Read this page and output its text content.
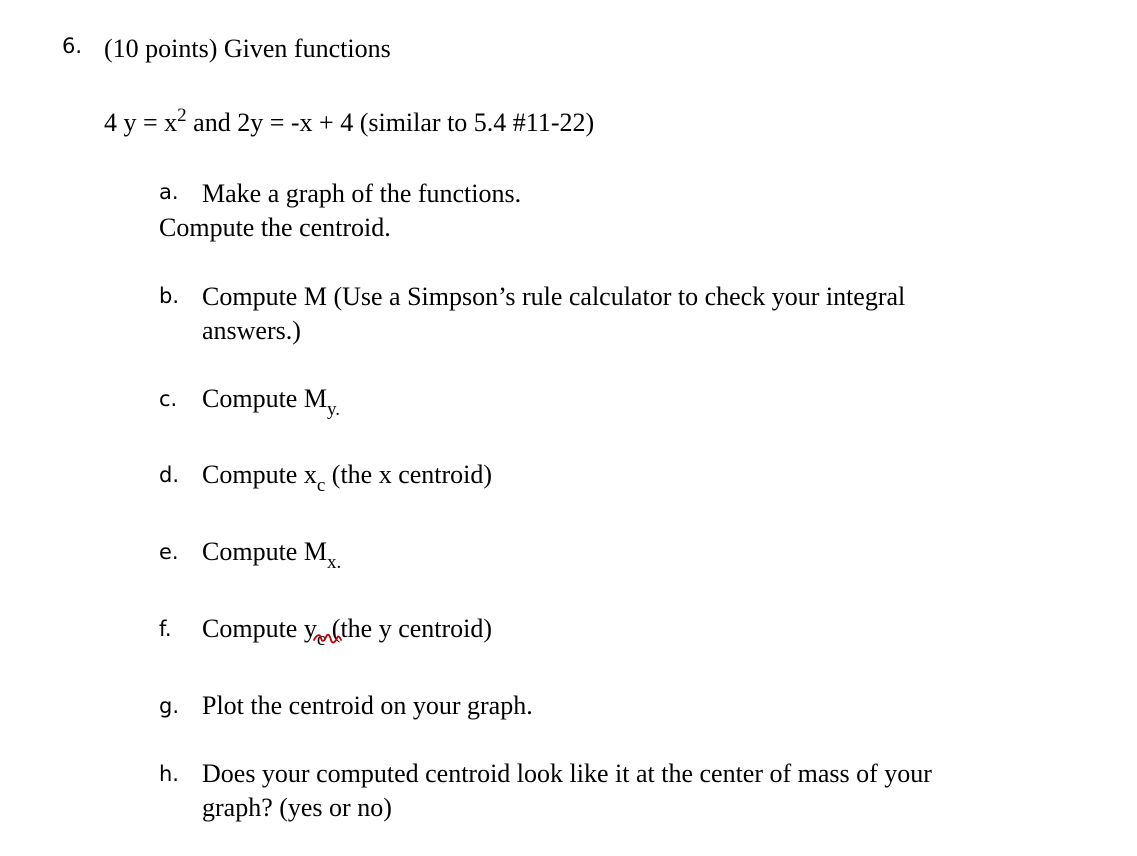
6. (10 points) Given functions
4 $y = x^2$ and 2y = -x + 4 (similar to 5.4 #11-22)
a. Make a graph of the functions.
Compute the centroid.
b. Compute M (Use a Simpson’s rule calculator to check your integral
answers.)
c. Compute $M_{y.}$
d. Compute $x_c$ (the x centroid)
e. Compute $M_{x.}$
f. Compute $y_c$ (the y centroid)
g. Plot the centroid on your graph.
h. Does your computed centroid look like it at the center of mass of your
graph? (yes or no)
